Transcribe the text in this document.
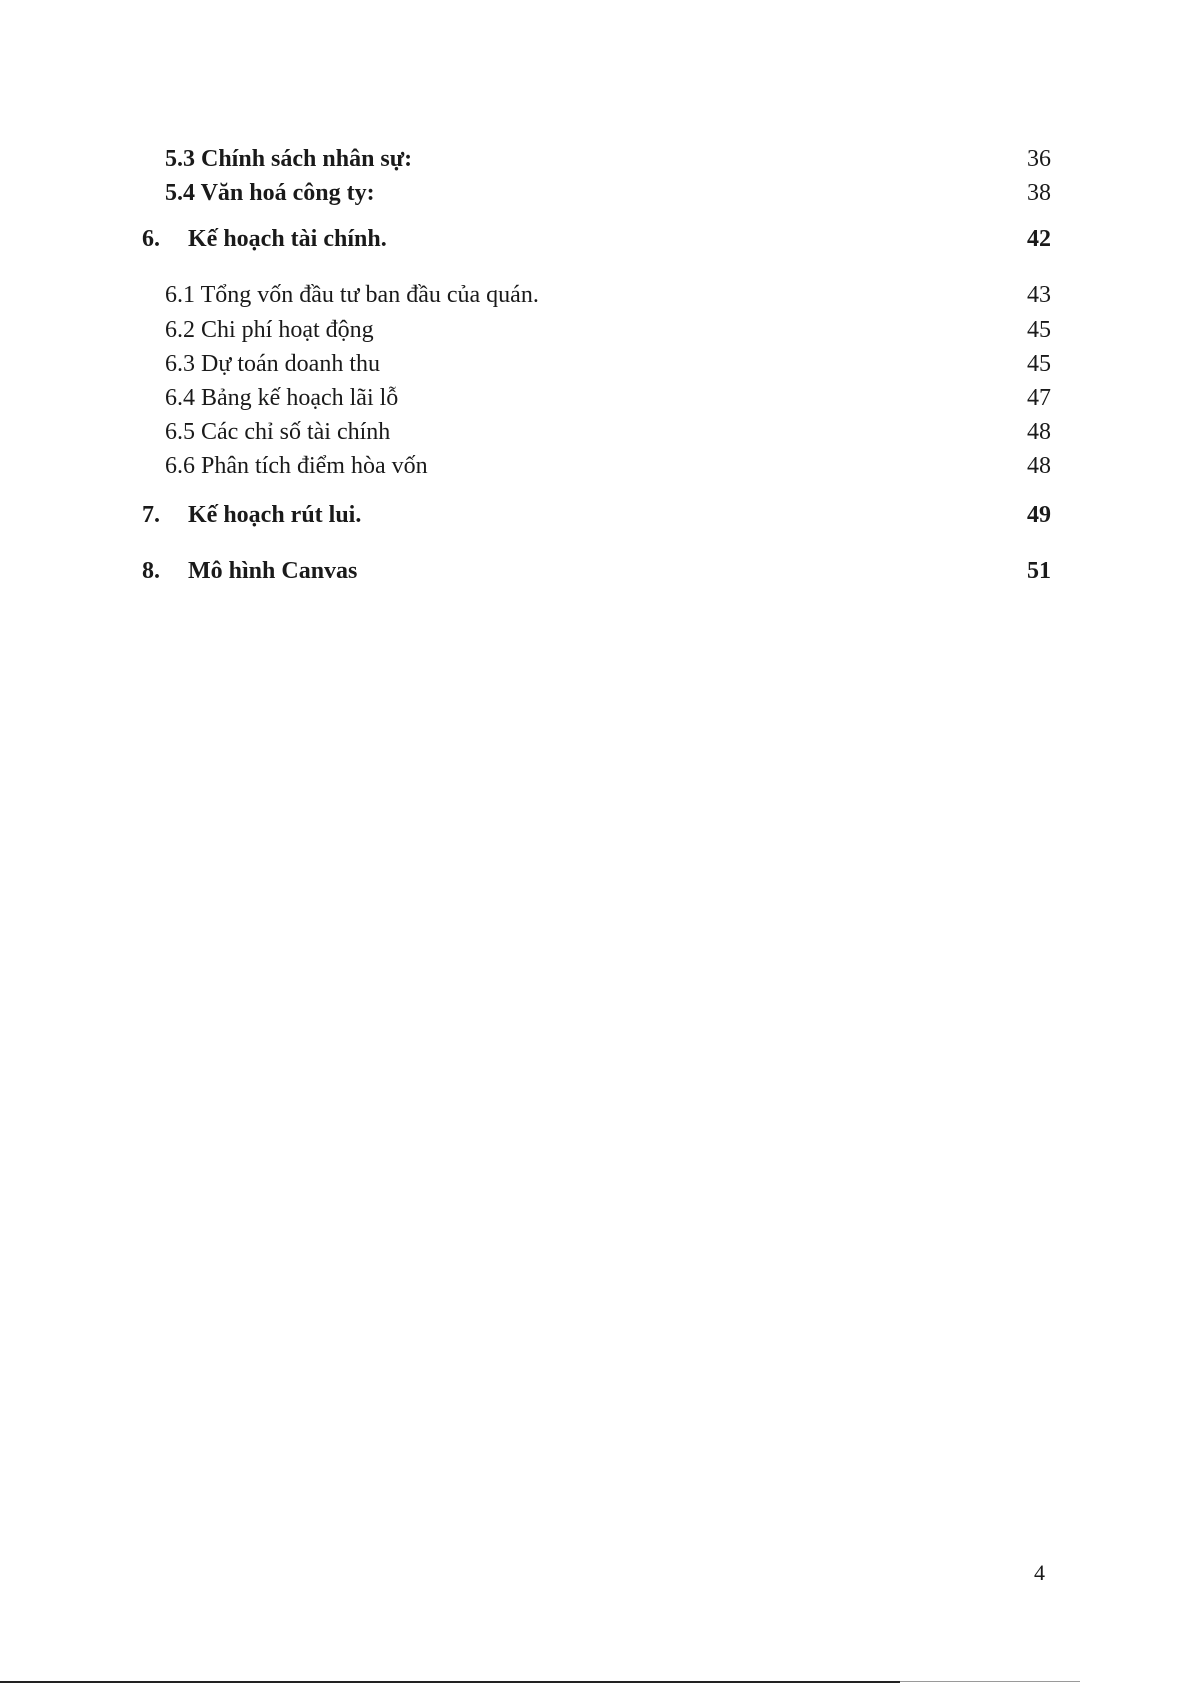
5.3 Chính sách nhân sự:	36
5.4 Văn hoá công ty:	38
6. Kế hoạch tài chính.	42
6.1 Tổng vốn đầu tư ban đầu của quán.	43
6.2 Chi phí hoạt động	45
6.3 Dự toán doanh thu	45
6.4 Bảng kế hoạch lãi lỗ	47
6.5 Các chỉ số tài chính	48
6.6 Phân tích điểm hòa vốn	48
7. Kế hoạch rút lui.	49
8. Mô hình Canvas	51
4
